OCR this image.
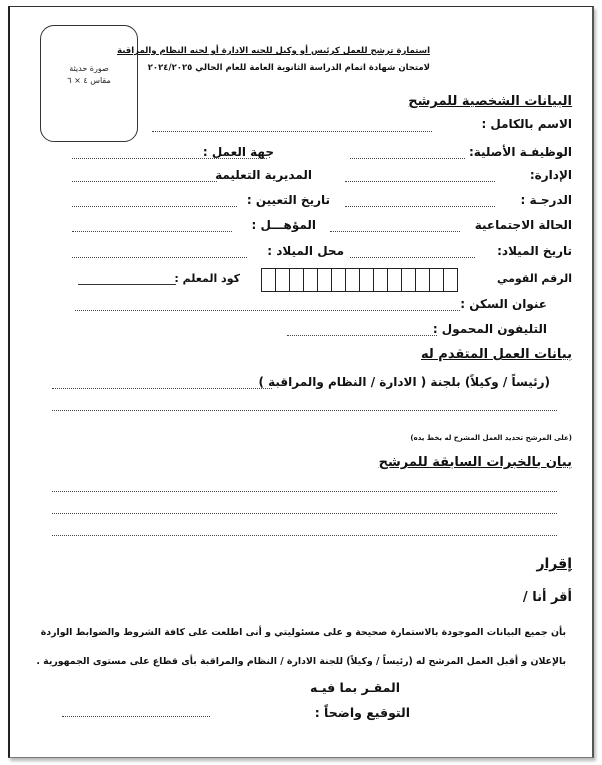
صورة حديثة
مقاس ٤ × ٦
استمارة ترشح للعمل كرئيس أو وكيل للجنه الادارة أو لجنه النظام والمراقبة
لامتحان شهادة اتمام الدراسة الثانوية العامة للعام الحالي ٢٠٢٤/٢٠٢٥
البيانات الشخصية للمرشح
الاسم بالكامل :
الوظيفـة الأصلية:
جهة العمل :
الإدارة:
المديرية التعليمة
الدرجـة :
تاريخ التعيين :
الحالة الاجتماعية
المؤهـــل :
تاريخ الميلاد:
محل الميلاد :
الرقم القومي
كود المعلم :
عنوان السكن :
التليفون المحمول :
بيانات العمل المتقدم له
(رئيساً / وكيلاً) بلجنة ( الادارة / النظام والمراقبة )
(على المرشح تحديد العمل المشرح له بخط يده)
بيان بالخبرات السابقة للمرشح
إقرار
أقر أنا /
بأن جميع البيانات الموجودة بالاستمارة صحيحة و على مسئوليتي و أنى اطلعت على كافة الشروط والضوابط الواردة
بالإعلان و أقبل العمل المرشح له (رئيساً / وكيلاً) للجنة الادارة / النظام والمراقبة بأى قطاع على مستوى الجمهورية .
المقـر بما فيـه
التوقيع واضحاً :
